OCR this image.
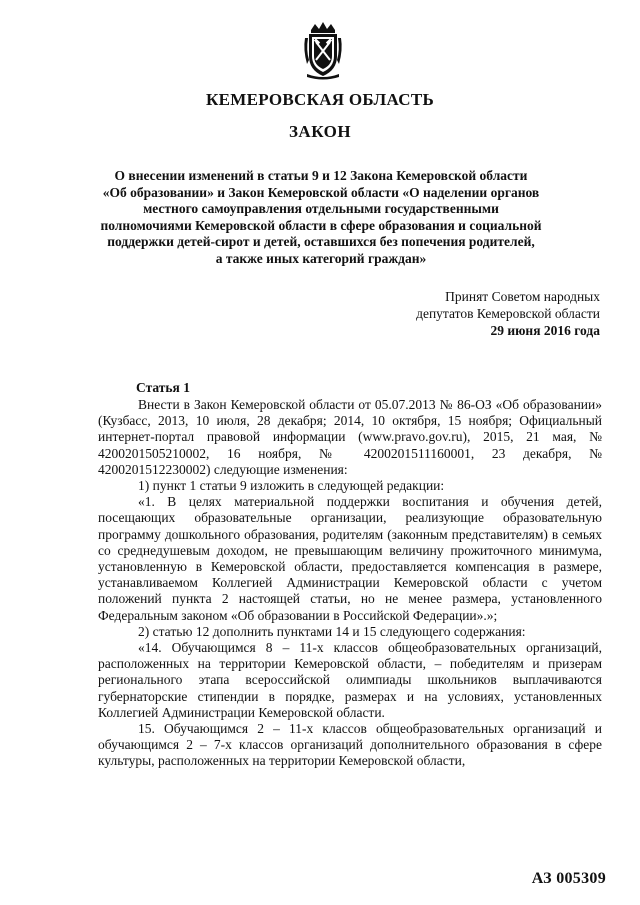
КЕМЕРОВСКАЯ ОБЛАСТЬ
ЗАКОН
О внесении изменений в статьи 9 и 12 Закона Кемеровской области
«Об образовании» и Закон Кемеровской области «О наделении органов
местного самоуправления отдельными государственными
полномочиями Кемеровской области в сфере образования и социальной
поддержки детей-сирот и детей, оставшихся без попечения родителей,
а также иных категорий граждан»
Принят Советом народных
депутатов Кемеровской области
29 июня 2016 года
Статья 1

Внести в Закон Кемеровской области от 05.07.2013 № 86-ОЗ «Об образовании» (Кузбасс, 2013, 10 июля, 28 декабря; 2014, 10 октября, 15 ноября; Официальный интернет-портал правовой информации (www.pravo.gov.ru), 2015, 21 мая, № 4200201505210002, 16 ноября, № 4200201511160001, 23 декабря, № 4200201512230002) следующие изменения:

1) пункт 1 статьи 9 изложить в следующей редакции:

«1. В целях материальной поддержки воспитания и обучения детей, посещающих образовательные организации, реализующие образовательную программу дошкольного образования, родителям (законным представителям) в семьях со среднедушевым доходом, не превышающим величину прожиточного минимума, установленную в Кемеровской области, предоставляется компенсация в размере, устанавливаемом Коллегией Администрации Кемеровской области с учетом положений пункта 2 настоящей статьи, но не менее размера, установленного Федеральным законом «Об образовании в Российской Федерации».»;

2) статью 12 дополнить пунктами 14 и 15 следующего содержания:

«14. Обучающимся 8 – 11-х классов общеобразовательных организаций, расположенных на территории Кемеровской области, – победителям и призерам регионального этапа всероссийской олимпиады школьников выплачиваются губернаторские стипендии в порядке, размерах и на условиях, установленных Коллегией Администрации Кемеровской области.

15. Обучающимся 2 – 11-х классов общеобразовательных организаций и обучающимся 2 – 7-х классов организаций дополнительного образования в сфере культуры, расположенных на территории Кемеровской области,

АЗ 005309
